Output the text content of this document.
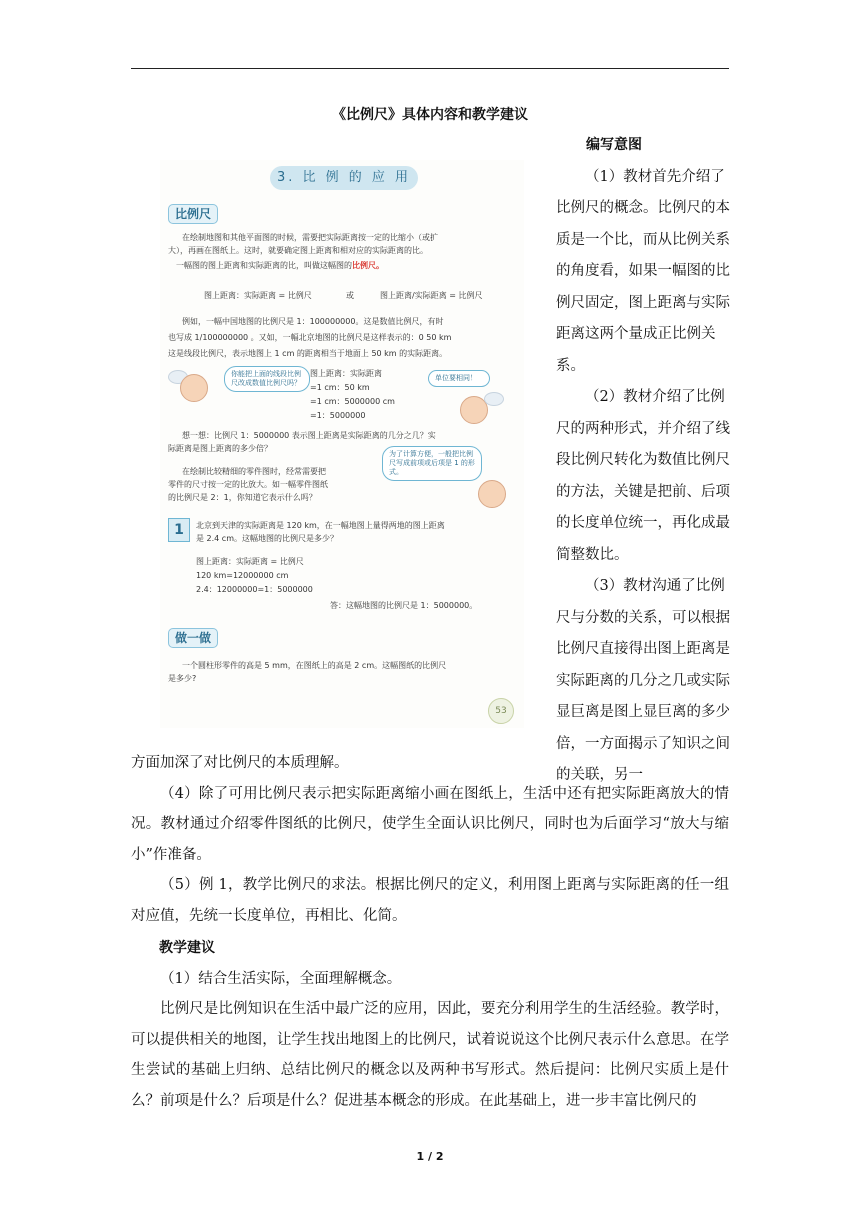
《比例尺》具体内容和教学建议
3. 比 例 的 应 用
比例尺
在绘制地图和其他平面图的时候，需要把实际距离按一定的比缩小（或扩
大），再画在图纸上。这时，就要确定图上距离和相对应的实际距离的比。
一幅图的图上距离和实际距离的比，叫做这幅图的比例尺。
图上距离：实际距离 = 比例尺	或	图上距离/实际距离 = 比例尺
例如，一幅中国地图的比例尺是 1：100000000。这是数值比例尺，有时
也写成 1/100000000 。又如，一幅北京地图的比例尺是这样表示的：0 50 km
这是线段比例尺，表示地图上 1 cm 的距离相当于地面上 50 km 的实际距离。
你能把上面的线段比例尺改成数值比例尺吗？
图上距离：实际距离
=1 cm：50 km
=1 cm：5000000 cm
=1：5000000
单位要相同！
想一想：比例尺 1：5000000 表示图上距离是实际距离的几分之几？实
际距离是图上距离的多少倍？
在绘制比较精细的零件图时，经常需要把
零件的尺寸按一定的比放大。如一幅零件图纸
的比例尺是 2：1，你知道它表示什么吗？
为了计算方便，一般把比例尺写成前项或后项是 1 的形式。
1	北京到天津的实际距离是 120 km，在一幅地图上量得两地的图上距离
是 2.4 cm。这幅地图的比例尺是多少？
图上距离：实际距离 = 比例尺
120 km=12000000 cm
2.4：12000000=1：5000000
答：这幅地图的比例尺是 1：5000000。
做一做
一个圆柱形零件的高是 5 mm，在图纸上的高是 2 cm。这幅图纸的比例尺
是多少?
53

编写意图

（1）教材首先介绍了比例尺的概念。比例尺的本质是一个比，而从比例关系的角度看，如果一幅图的比例尺固定，图上距离与实际距离这两个量成正比例关系。

（2）教材介绍了比例尺的两种形式，并介绍了线段比例尺转化为数值比例尺的方法，关键是把前、后项的长度单位统一，再化成最简整数比。

（3）教材沟通了比例尺与分数的关系，可以根据比例尺直接得出图上距离是实际距离的几分之几或实际显巨离是图上显巨离的多少倍，一方面揭示了知识之间的关联，另一

方面加深了对比例尺的本质理解。

（4）除了可用比例尺表示把实际距离缩小画在图纸上，生活中还有把实际距离放大的情况。教材通过介绍零件图纸的比例尺，使学生全面认识比例尺，同时也为后面学习“放大与缩小”作准备。

（5）例 1，教学比例尺的求法。根据比例尺的定义，利用图上距离与实际距离的任一组对应值，先统一长度单位，再相比、化简。

教学建议

（1）结合生活实际，全面理解概念。

比例尺是比例知识在生活中最广泛的应用，因此，要充分利用学生的生活经验。教学时，可以提供相关的地图，让学生找出地图上的比例尺，试着说说这个比例尺表示什么意思。在学生尝试的基础上归纳、总结比例尺的概念以及两种书写形式。然后提问：比例尺实质上是什么？前项是什么？后项是什么？促进基本概念的形成。在此基础上，进一步丰富比例尺的

1 / 2
